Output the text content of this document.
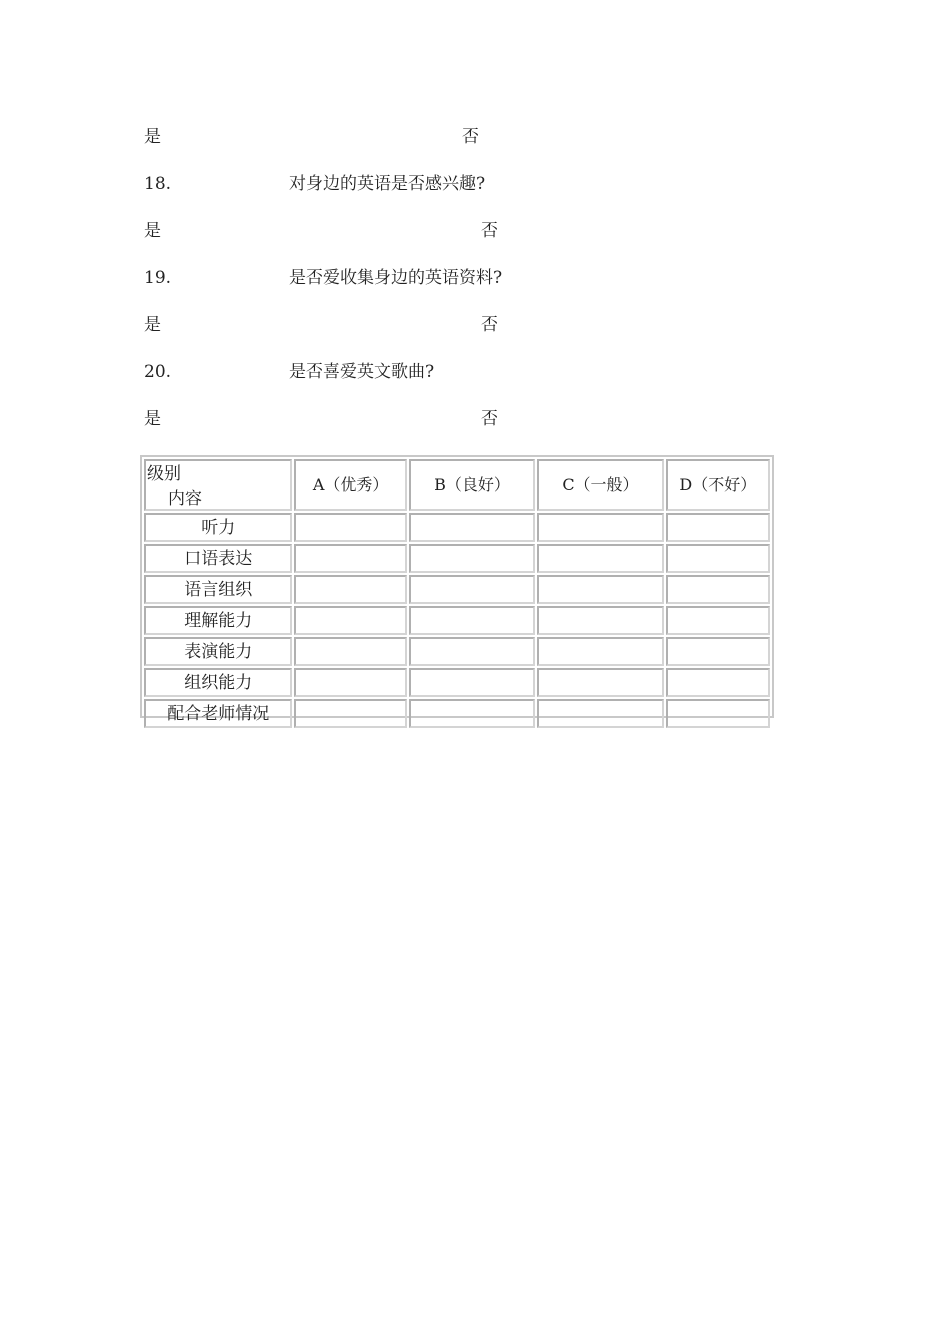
是	否
18.	对身边的英语是否感兴趣?
是	否
19.	是否爱收集身边的英语资料?
是	否
20.	是否喜爱英文歌曲?
是	否
级别
内容	A（优秀）	B（良好）	C（一般）	D（不好）
听力				
口语表达				
语言组织				
理解能力				
表演能力				
组织能力				
配合老师情况				
